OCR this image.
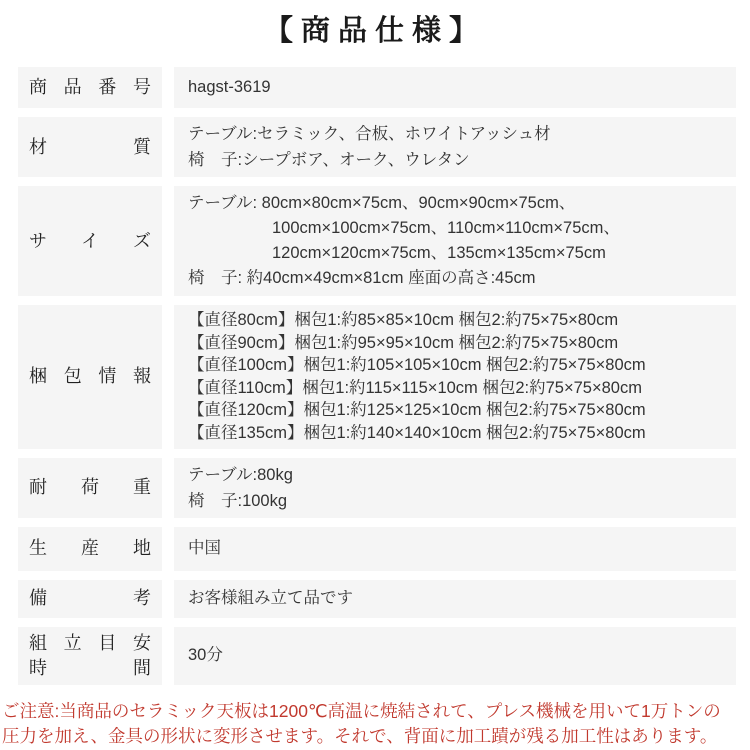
【商品仕様】
商 品 番 号 hagst-3619
材 質
テーブル:セラミック、合板、ホワイトアッシュ材
椅　子:シープボア、オーク、ウレタン
サ イ ズ
テーブル: 80cm×80cm×75cm、90cm×90cm×75cm、
100cm×100cm×75cm、110cm×110cm×75cm、
120cm×120cm×75cm、135cm×135cm×75cm
椅　子: 約40cm×49cm×81cm 座面の高さ:45cm
梱 包 情 報
【直径80cm】梱包1:約85×85×10cm 梱包2:約75×75×80cm
【直径90cm】梱包1:約95×95×10cm 梱包2:約75×75×80cm
【直径100cm】梱包1:約105×105×10cm 梱包2:約75×75×80cm
【直径110cm】梱包1:約115×115×10cm 梱包2:約75×75×80cm
【直径120cm】梱包1:約125×125×10cm 梱包2:約75×75×80cm
【直径135cm】梱包1:約140×140×10cm 梱包2:約75×75×80cm
耐 荷 重
テーブル:80kg
椅　子:100kg
生 産 地 中国
備 考 お客様組み立て品です
組 立 目 安
時 間
30分
ご注意:当商品のセラミック天板は1200℃高温に焼結されて、プレス機械を用いて1万トンの
圧力を加え、金具の形状に変形させます。それで、背面に加工蹟が残る加工性はあります。
